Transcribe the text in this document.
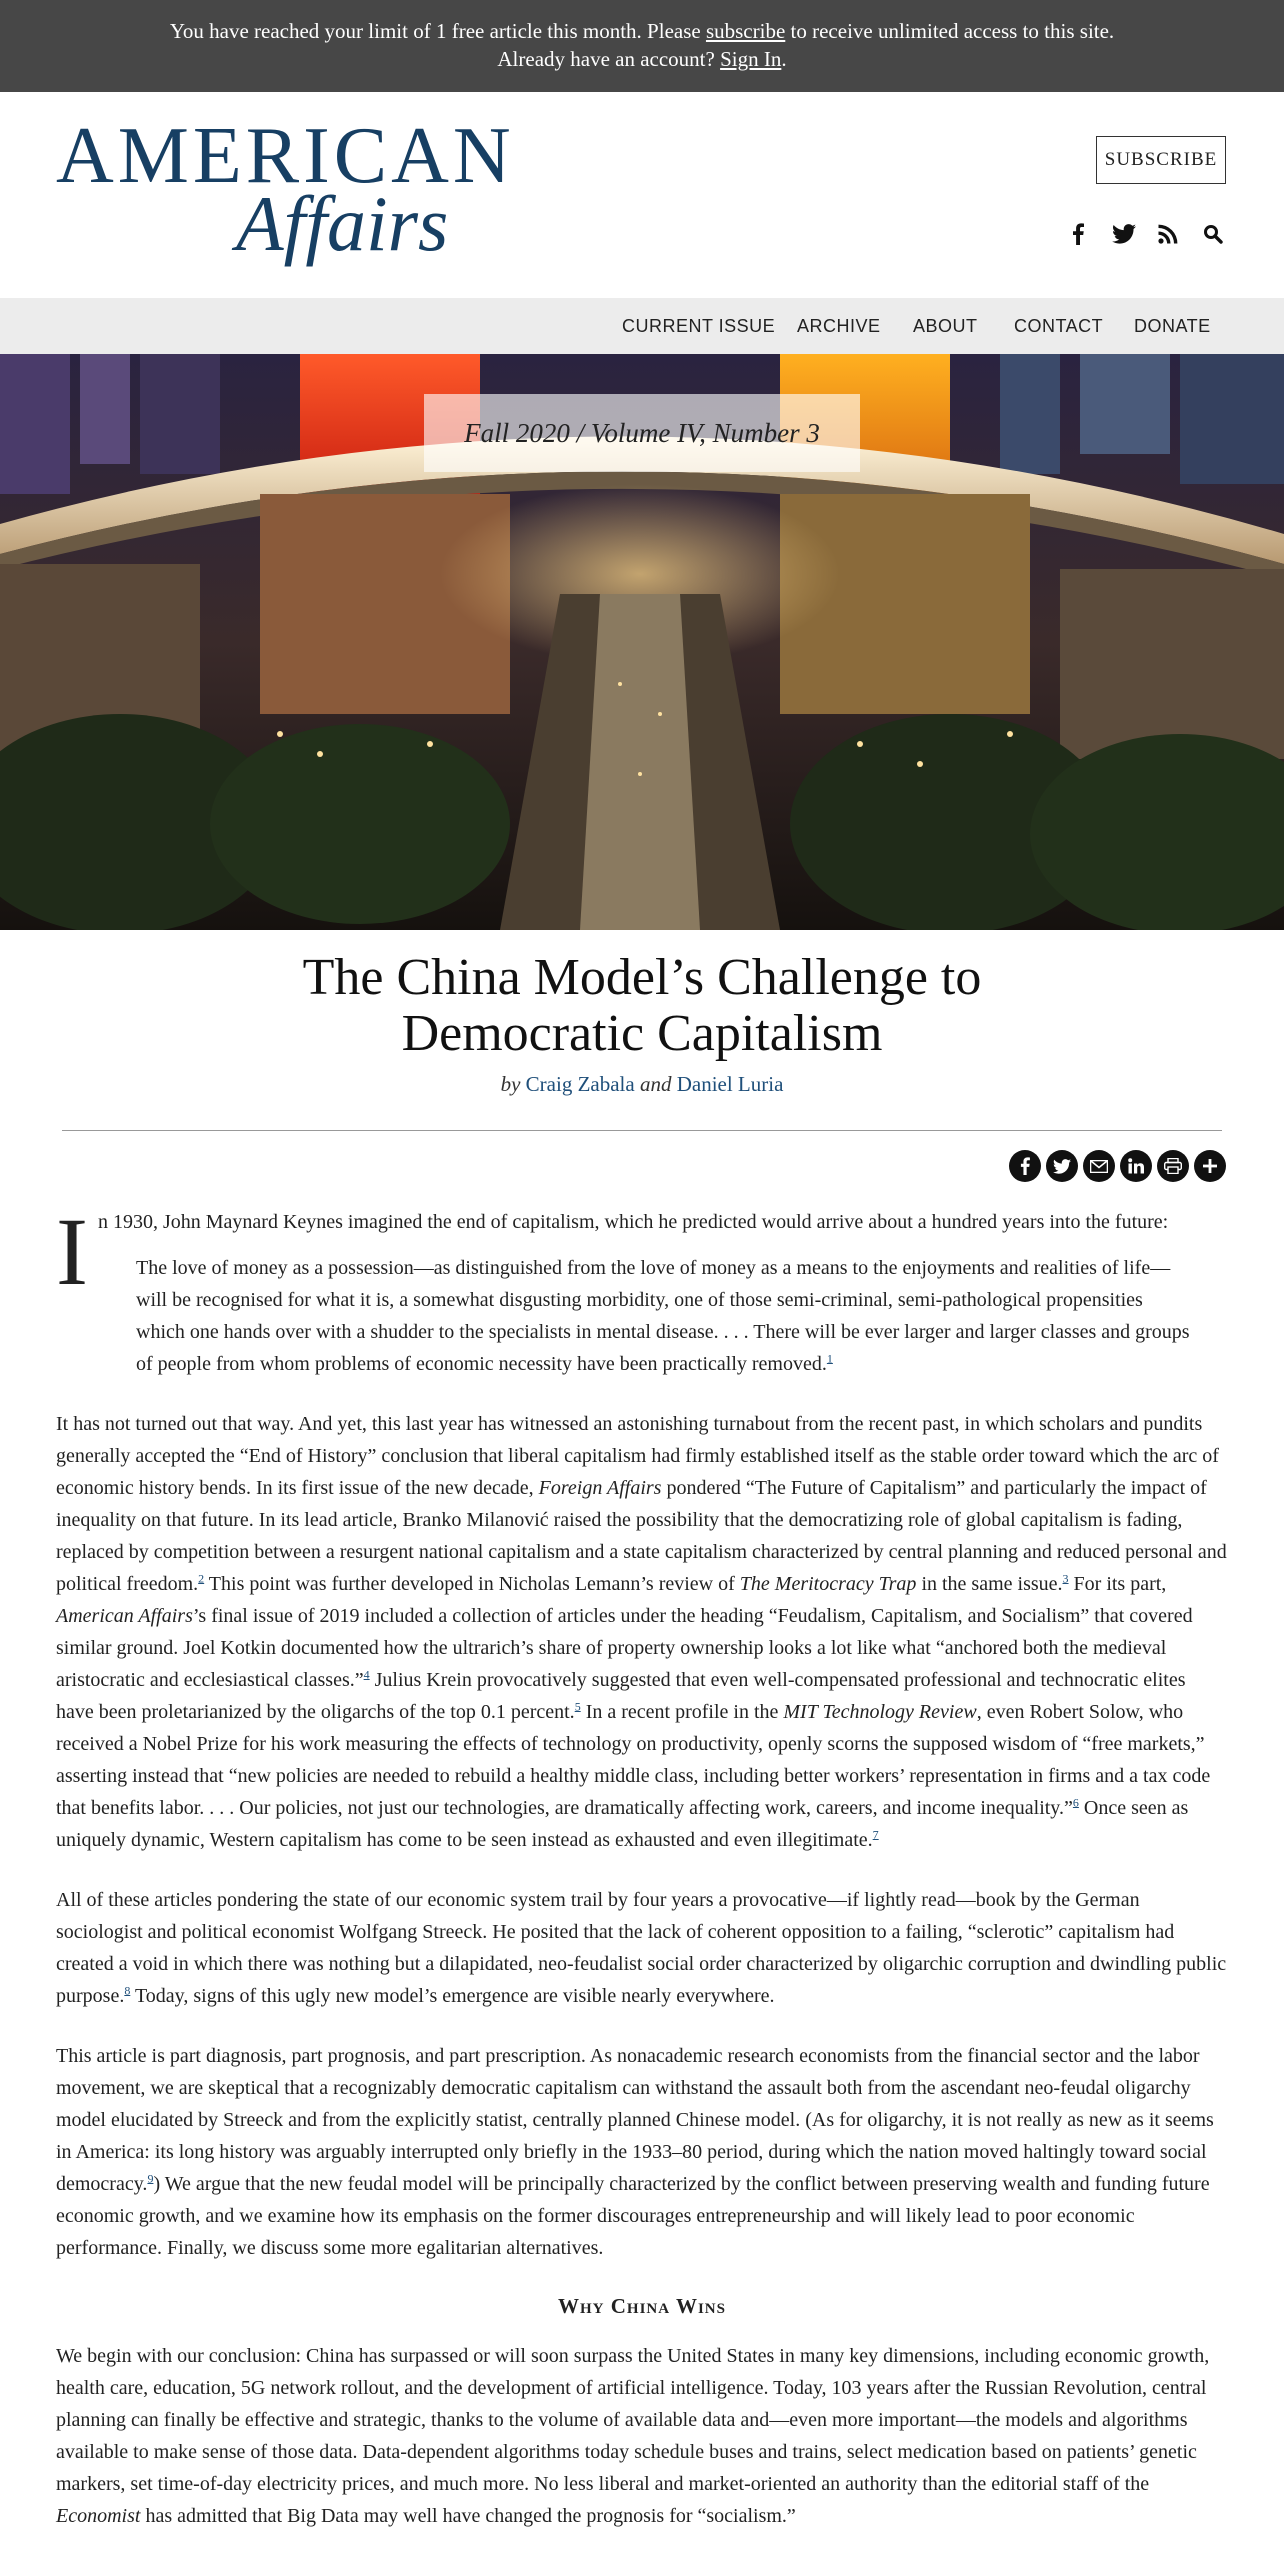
You have reached your limit of 1 free article this month. Please subscribe to receive unlimited access to this site.
Already have an account? Sign In.
AMERICAN
Affairs
SUBSCRIBE
CURRENT ISSUE ARCHIVE ABOUT CONTACT DONATE
Fall 2020 / Volume IV, Number 3
The China Model’s Challenge to
Democratic Capitalism
by Craig Zabala and Daniel Luria

In 1930, John Maynard Keynes imagined the end of capitalism, which he predicted would arrive about a hundred years into the future:

The love of money as a possession—as distinguished from the love of money as a means to the enjoyments and realities of life—will be recognised for what it is, a somewhat disgusting morbidity, one of those semi-criminal, semi-pathological propensities which one hands over with a shudder to the specialists in mental disease. . . . There will be ever larger and larger classes and groups of people from whom problems of economic necessity have been practically removed.$^1$

It has not turned out that way. And yet, this last year has witnessed an astonishing turnabout from the recent past, in which scholars and pundits generally accepted the “End of History” conclusion that liberal capitalism had firmly established itself as the stable order toward which the arc of economic history bends. In its first issue of the new decade, Foreign Affairs pondered “The Future of Capitalism” and particularly the impact of inequality on that future. In its lead article, Branko Milanović raised the possibility that the democratizing role of global capitalism is fading, replaced by competition between a resurgent national capitalism and a state capitalism characterized by central planning and reduced personal and political freedom.$^2$ This point was further developed in Nicholas Lemann’s review of The Meritocracy Trap in the same issue.$^3$ For its part, American Affairs’s final issue of 2019 included a collection of articles under the heading “Feudalism, Capitalism, and Socialism” that covered similar ground. Joel Kotkin documented how the ultrarich’s share of property ownership looks a lot like what “anchored both the medieval aristocratic and ecclesiastical classes.”$^4$ Julius Krein provocatively suggested that even well-compensated professional and technocratic elites have been proletarianized by the oligarchs of the top 0.1 percent.$^5$ In a recent profile in the MIT Technology Review, even Robert Solow, who received a Nobel Prize for his work measuring the effects of technology on productivity, openly scorns the supposed wisdom of “free markets,” asserting instead that “new policies are needed to rebuild a healthy middle class, including better workers’ representation in firms and a tax code that benefits labor. . . . Our policies, not just our technologies, are dramatically affecting work, careers, and income inequality.”$^6$ Once seen as uniquely dynamic, Western capitalism has come to be seen instead as exhausted and even illegitimate.$^7$

All of these articles pondering the state of our economic system trail by four years a provocative—if lightly read—book by the German sociologist and political economist Wolfgang Streeck. He posited that the lack of coherent opposition to a failing, “sclerotic” capitalism had created a void in which there was nothing but a dilapidated, neo-feudalist social order characterized by oligarchic corruption and dwindling public purpose.$^8$ Today, signs of this ugly new model’s emergence are visible nearly everywhere.

This article is part diagnosis, part prognosis, and part prescription. As nonacademic research economists from the financial sector and the labor movement, we are skeptical that a recognizably democratic capitalism can withstand the assault both from the ascendant neo-feudal oligarchy model elucidated by Streeck and from the explicitly statist, centrally planned Chinese model. (As for oligarchy, it is not really as new as it seems in America: its long history was arguably interrupted only briefly in the 1933–80 period, during which the nation moved haltingly toward social democracy.$^9$) We argue that the new feudal model will be principally characterized by the conflict between preserving wealth and funding future economic growth, and we examine how its emphasis on the former discourages entrepreneurship and will likely lead to poor economic performance. Finally, we discuss some more egalitarian alternatives.

Why China Wins

We begin with our conclusion: China has surpassed or will soon surpass the United States in many key dimensions, including economic growth, health care, education, 5G network rollout, and the development of artificial intelligence. Today, 103 years after the Russian Revolution, central planning can finally be effective and strategic, thanks to the volume of available data and—even more important—the models and algorithms available to make sense of those data. Data-dependent algorithms today schedule buses and trains, select medication based on patients’ genetic markers, set time-of-day electricity prices, and much more. No less liberal and market-oriented an authority than the editorial staff of the Economist has admitted that Big Data may well have changed the prognosis for “socialism.”
